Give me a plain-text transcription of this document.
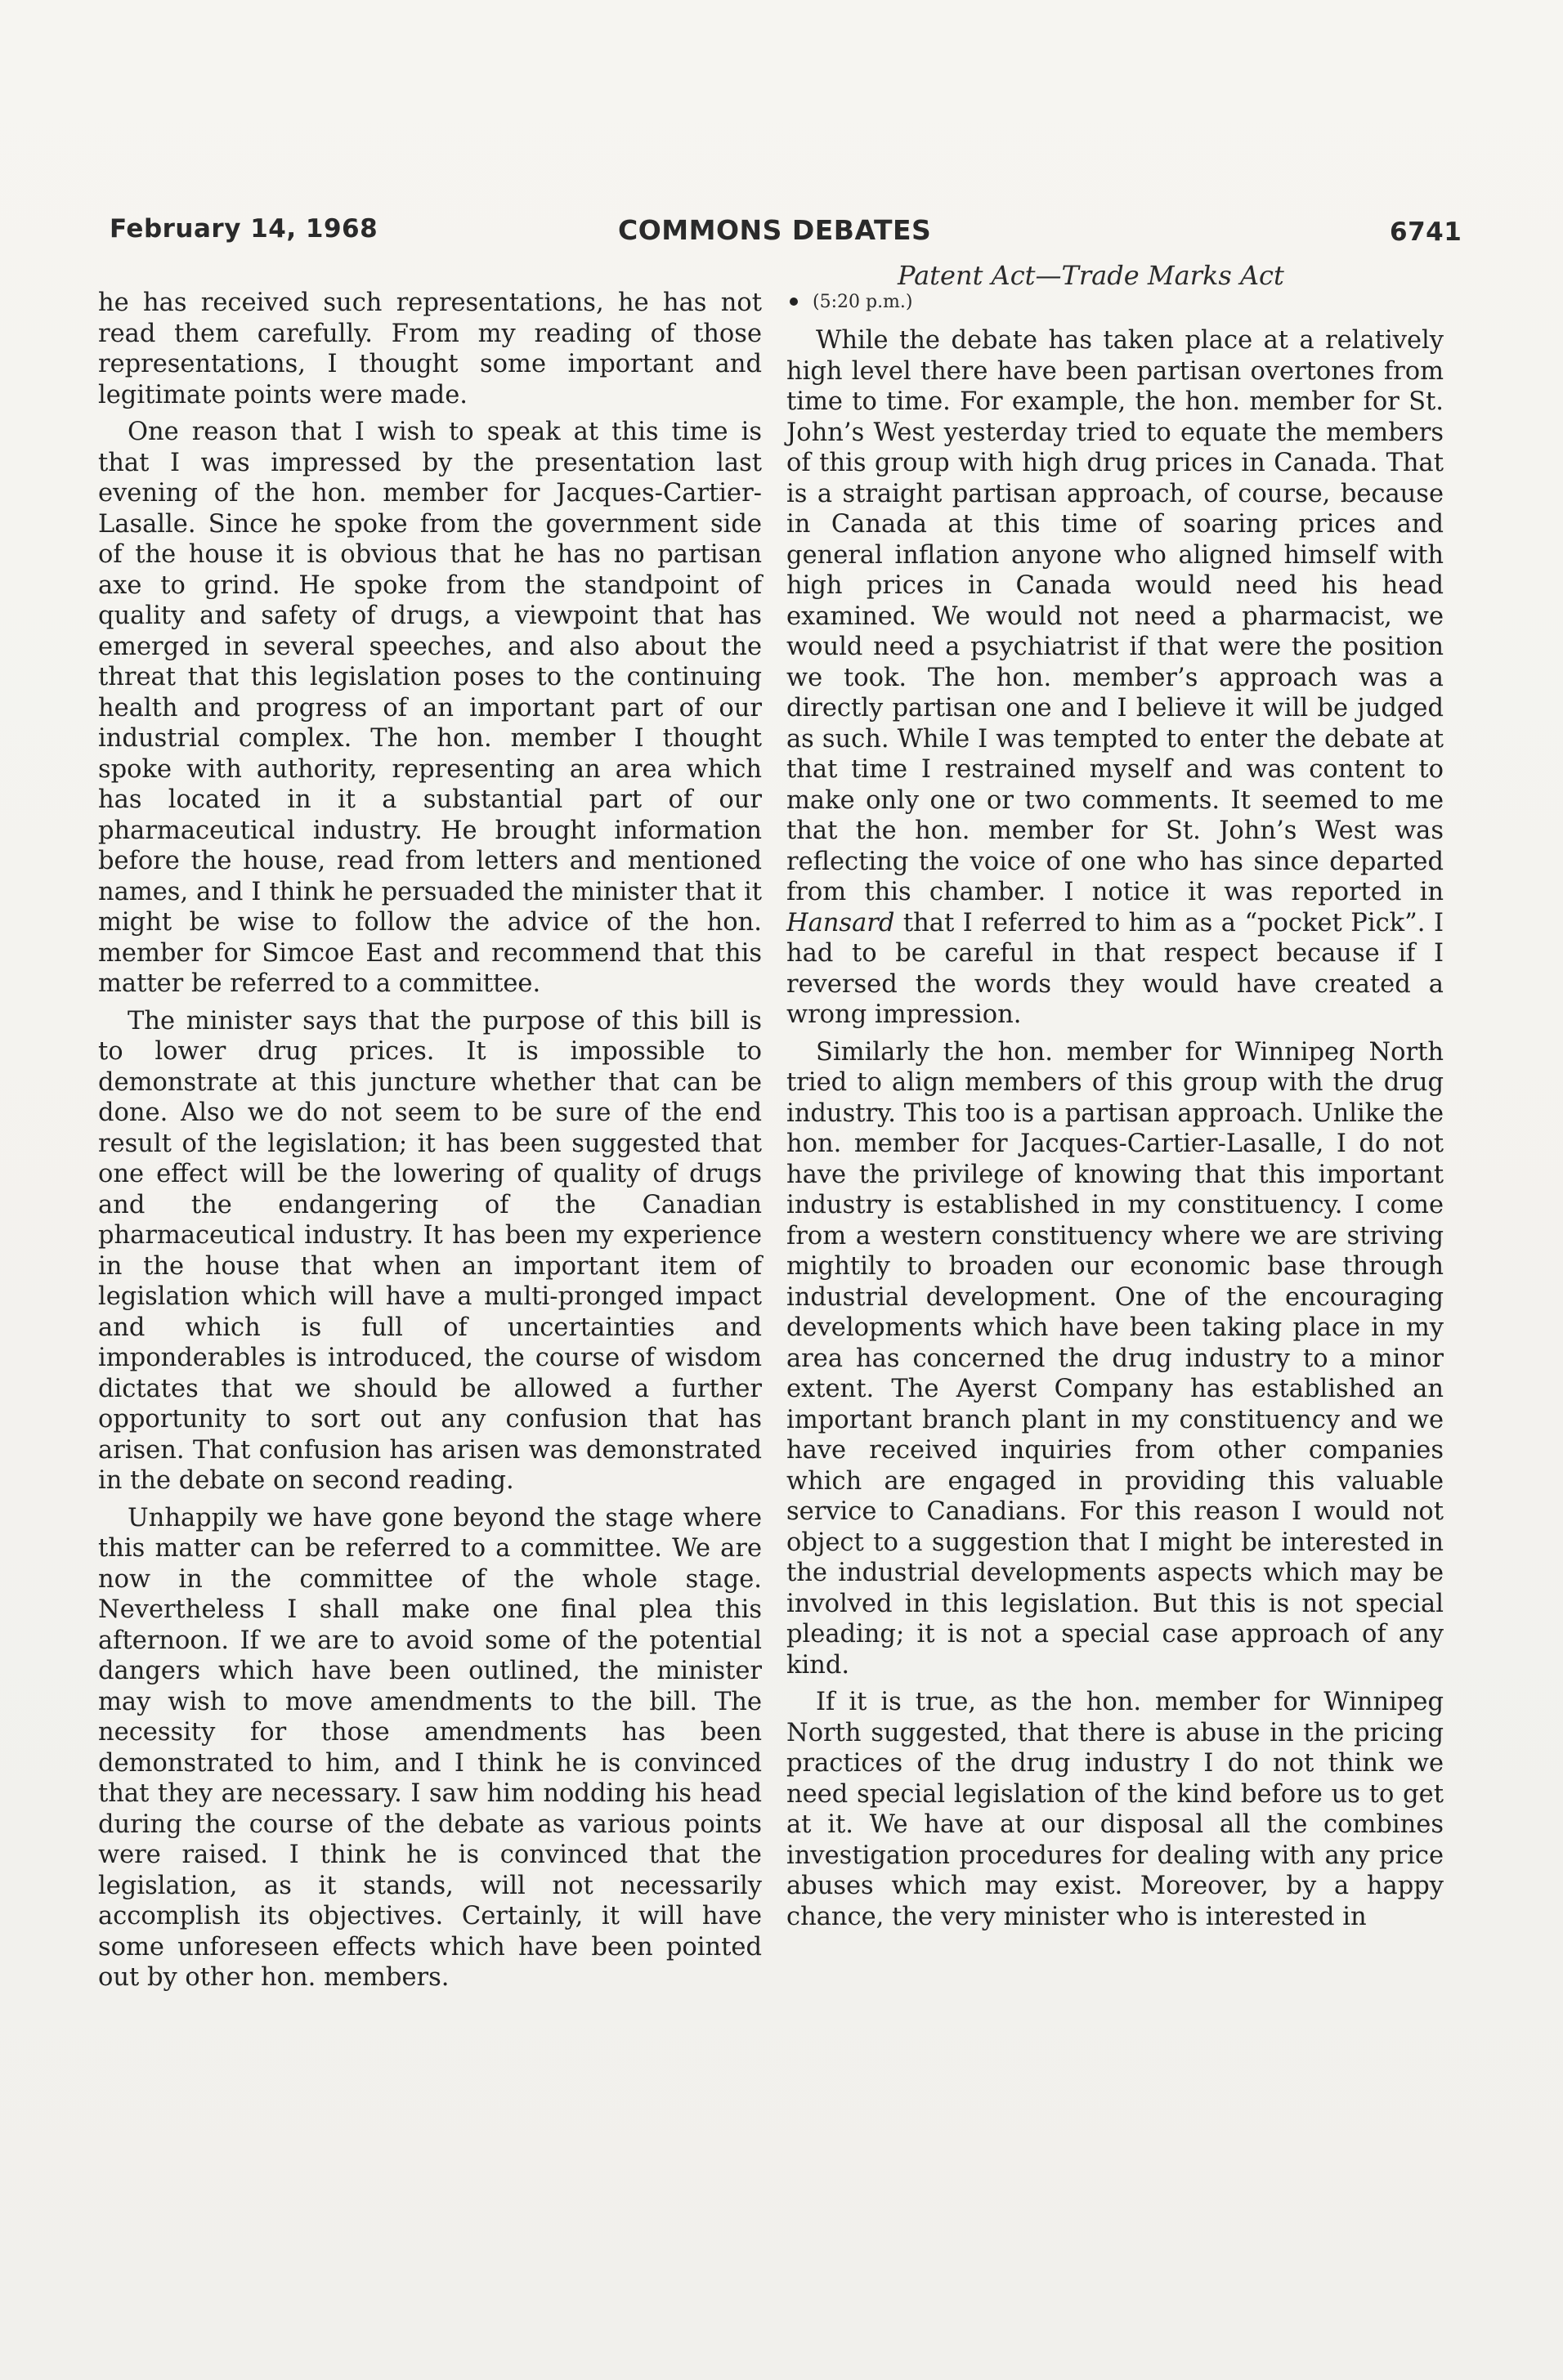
February 14, 1968	COMMONS DEBATES	6741
Patent Act—Trade Marks Act

he has received such representations, he has not read them carefully. From my reading of those representations, I thought some important and legitimate points were made.

One reason that I wish to speak at this time is that I was impressed by the presentation last evening of the hon. member for Jacques-Cartier-Lasalle. Since he spoke from the government side of the house it is obvious that he has no partisan axe to grind. He spoke from the standpoint of quality and safety of drugs, a viewpoint that has emerged in several speeches, and also about the threat that this legislation poses to the continuing health and progress of an important part of our industrial complex. The hon. member I thought spoke with authority, representing an area which has located in it a substantial part of our pharmaceutical industry. He brought information before the house, read from letters and mentioned names, and I think he persuaded the minister that it might be wise to follow the advice of the hon. member for Simcoe East and recommend that this matter be referred to a committee.

The minister says that the purpose of this bill is to lower drug prices. It is impossible to demonstrate at this juncture whether that can be done. Also we do not seem to be sure of the end result of the legislation; it has been suggested that one effect will be the lowering of quality of drugs and the endangering of the Canadian pharmaceutical industry. It has been my experience in the house that when an important item of legislation which will have a multi-pronged impact and which is full of uncertainties and imponderables is introduced, the course of wisdom dictates that we should be allowed a further opportunity to sort out any confusion that has arisen. That confusion has arisen was demonstrated in the debate on second reading.

Unhappily we have gone beyond the stage where this matter can be referred to a committee. We are now in the committee of the whole stage. Nevertheless I shall make one final plea this afternoon. If we are to avoid some of the potential dangers which have been outlined, the minister may wish to move amendments to the bill. The necessity for those amendments has been demonstrated to him, and I think he is convinced that they are necessary. I saw him nodding his head during the course of the debate as various points were raised. I think he is convinced that the legislation, as it stands, will not necessarily accomplish its objectives. Certainly, it will have some unforeseen effects which have been pointed out by other hon. members.

(5:20 p.m.)

While the debate has taken place at a relatively high level there have been partisan overtones from time to time. For example, the hon. member for St. John’s West yesterday tried to equate the members of this group with high drug prices in Canada. That is a straight partisan approach, of course, because in Canada at this time of soaring prices and general inflation anyone who aligned himself with high prices in Canada would need his head examined. We would not need a pharmacist, we would need a psychiatrist if that were the position we took. The hon. member’s approach was a directly partisan one and I believe it will be judged as such. While I was tempted to enter the debate at that time I restrained myself and was content to make only one or two comments. It seemed to me that the hon. member for St. John’s West was reflecting the voice of one who has since departed from this chamber. I notice it was reported in Hansard that I referred to him as a “pocket Pick”. I had to be careful in that respect because if I reversed the words they would have created a wrong impression.

Similarly the hon. member for Winnipeg North tried to align members of this group with the drug industry. This too is a partisan approach. Unlike the hon. member for Jacques-Cartier-Lasalle, I do not have the privilege of knowing that this important industry is established in my constituency. I come from a western constituency where we are striving mightily to broaden our economic base through industrial development. One of the encouraging developments which have been taking place in my area has concerned the drug industry to a minor extent. The Ayerst Company has established an important branch plant in my constituency and we have received inquiries from other companies which are engaged in providing this valuable service to Canadians. For this reason I would not object to a suggestion that I might be interested in the industrial developments aspects which may be involved in this legislation. But this is not special pleading; it is not a special case approach of any kind.

If it is true, as the hon. member for Winnipeg North suggested, that there is abuse in the pricing practices of the drug industry I do not think we need special legislation of the kind before us to get at it. We have at our disposal all the combines investigation procedures for dealing with any price abuses which may exist. Moreover, by a happy chance, the very minister who is interested in
